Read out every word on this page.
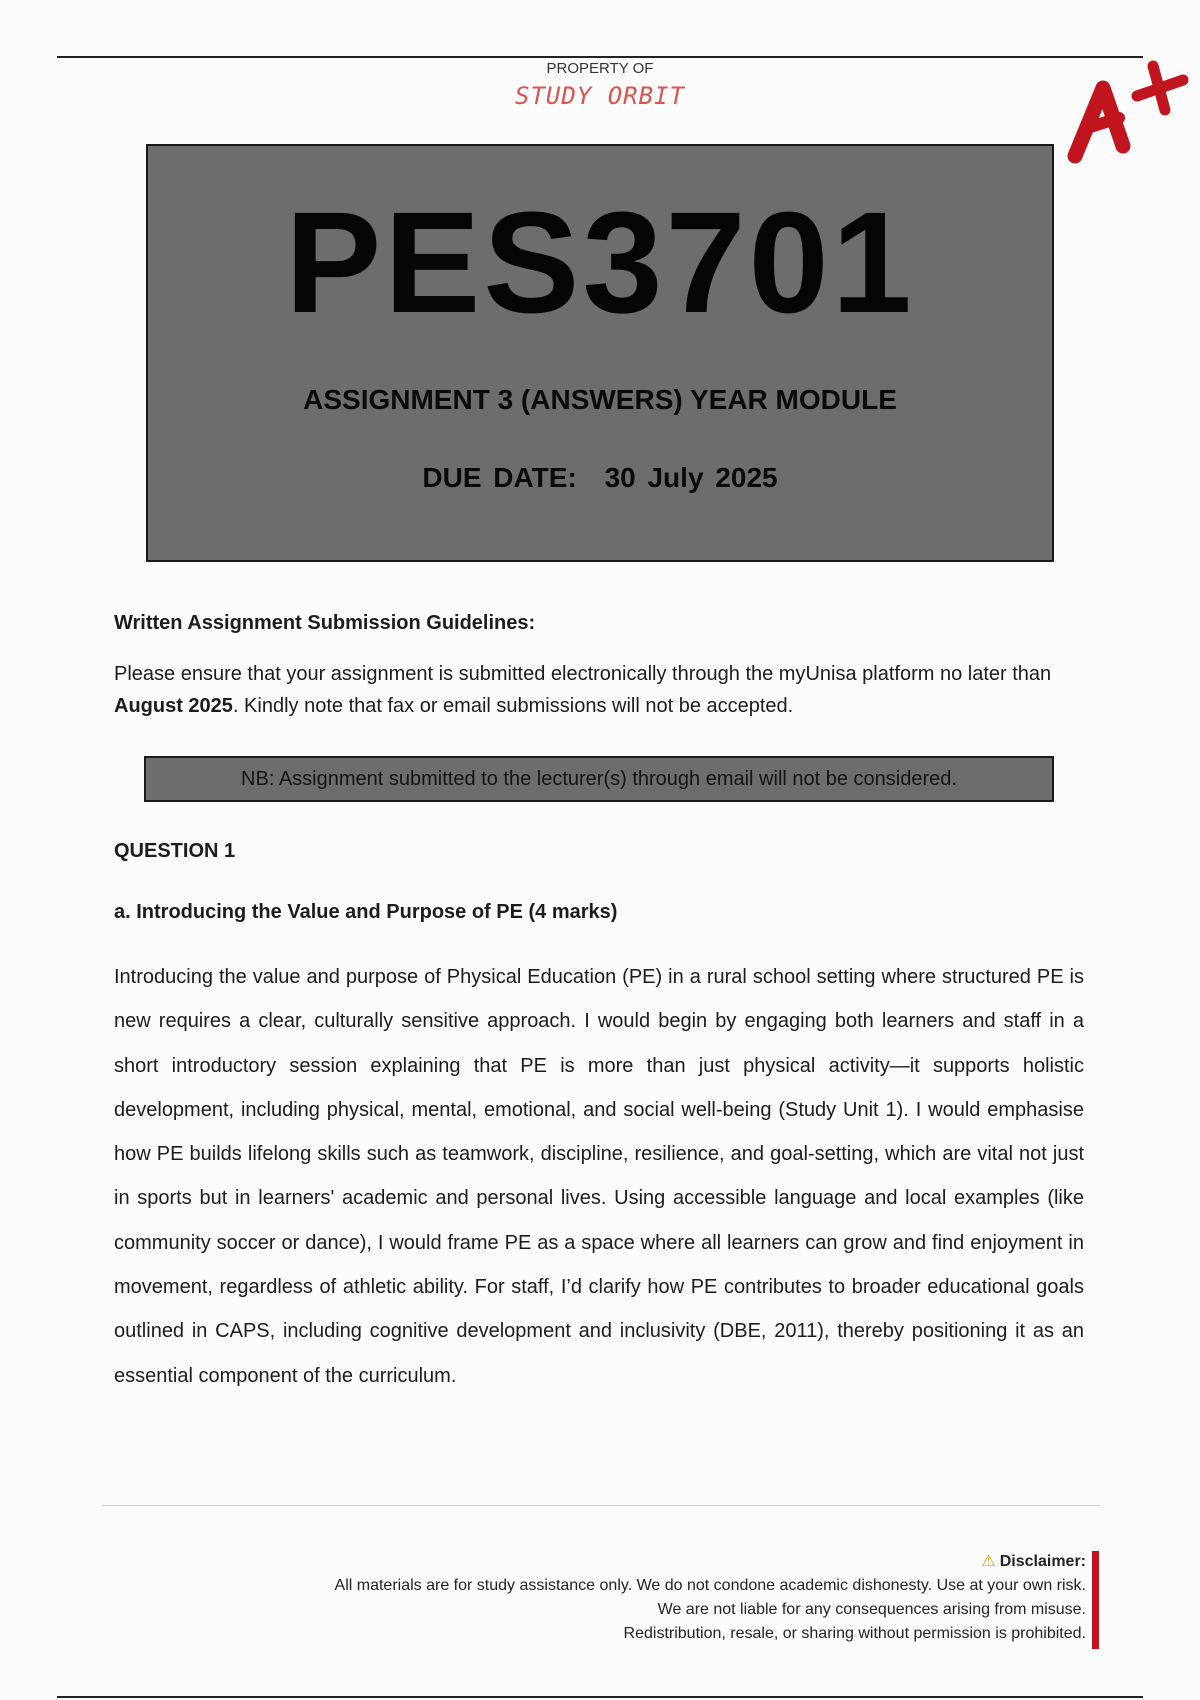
PROPERTY OF
STUDY ORBIT
PES3701
ASSIGNMENT 3 (ANSWERS) YEAR MODULE
DUE DATE: 30 July 2025
Written Assignment Submission Guidelines:
Please ensure that your assignment is submitted electronically through the myUnisa platform no later than August 2025. Kindly note that fax or email submissions will not be accepted.
NB: Assignment submitted to the lecturer(s) through email will not be considered.
QUESTION 1
a. Introducing the Value and Purpose of PE (4 marks)
Introducing the value and purpose of Physical Education (PE) in a rural school setting where structured PE is new requires a clear, culturally sensitive approach. I would begin by engaging both learners and staff in a short introductory session explaining that PE is more than just physical activity—it supports holistic development, including physical, mental, emotional, and social well-being (Study Unit 1). I would emphasise how PE builds lifelong skills such as teamwork, discipline, resilience, and goal-setting, which are vital not just in sports but in learners' academic and personal lives. Using accessible language and local examples (like community soccer or dance), I would frame PE as a space where all learners can grow and find enjoyment in movement, regardless of athletic ability. For staff, I’d clarify how PE contributes to broader educational goals outlined in CAPS, including cognitive development and inclusivity (DBE, 2011), thereby positioning it as an essential component of the curriculum.
⚠ Disclaimer:
All materials are for study assistance only. We do not condone academic dishonesty. Use at your own risk.
We are not liable for any consequences arising from misuse.
Redistribution, resale, or sharing without permission is prohibited.
